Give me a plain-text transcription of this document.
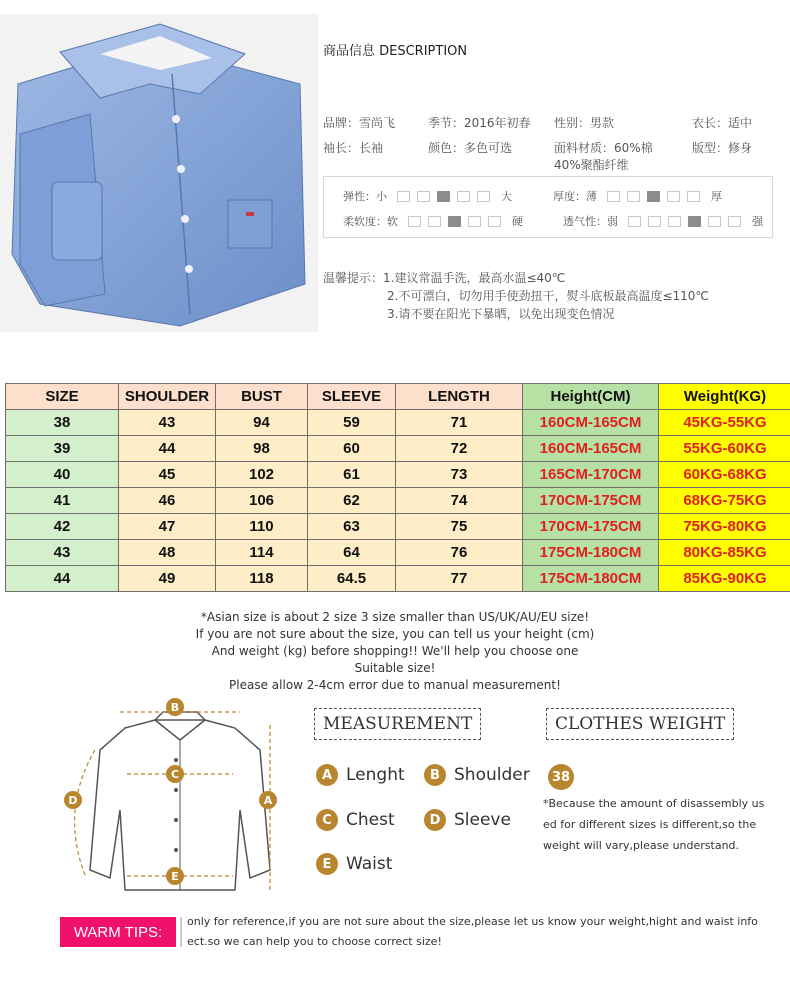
商品信息 DESCRIPTION
品牌：雪尚飞	季节：2016年初春 性别：男款	衣长：适中
袖长：长袖	颜色：多色可选	面料材质：60%棉
40%聚酯纤维
版型：修身
弹性：小	大	厚度：薄	厚
柔软度：软	硬	透气性：弱	强
温馨提示：1.建议常温手洗，最高水温≤40℃
2.不可漂白，切勿用手使劲扭干，熨斗底板最高温度≤110℃
3.请不要在阳光下暴晒，以免出现变色情况
SIZE	SHOULDER	BUST	SLEEVE	LENGTH	Height(CM)	Weight(KG)
38	43	94	59	71	160CM-165CM	45KG-55KG
39	44	98	60	72	160CM-165CM	55KG-60KG
40	45	102	61	73	165CM-170CM	60KG-68KG
41	46	106	62	74	170CM-175CM	68KG-75KG
42	47	110	63	75	170CM-175CM	75KG-80KG
43	48	114	64	76	175CM-180CM	80KG-85KG
44	49	118	64.5	77	175CM-180CM	85KG-90KG
*Asian size is about 2 size 3 size smaller than US/UK/AU/EU size!
If you are not sure about the size, you can tell us your height (cm)
And weight (kg) before shopping!! We'll help you choose one
Suitable size!
Please allow 2-4cm error due to manual measurement!
B
C
E
A
D
MEASUREMENT	CLOTHES WEIGHT
A Lenght	B Shoulder
C Chest	D Sleeve
E Waist
38
*Because the amount of disassembly us
ed for different sizes is different,so the
weight will vary,please understand.
WARM TIPS:
only for reference,if you are not sure about the size,please let us know your weight,hight and waist info
ect.so we can help you to choose correct size!
